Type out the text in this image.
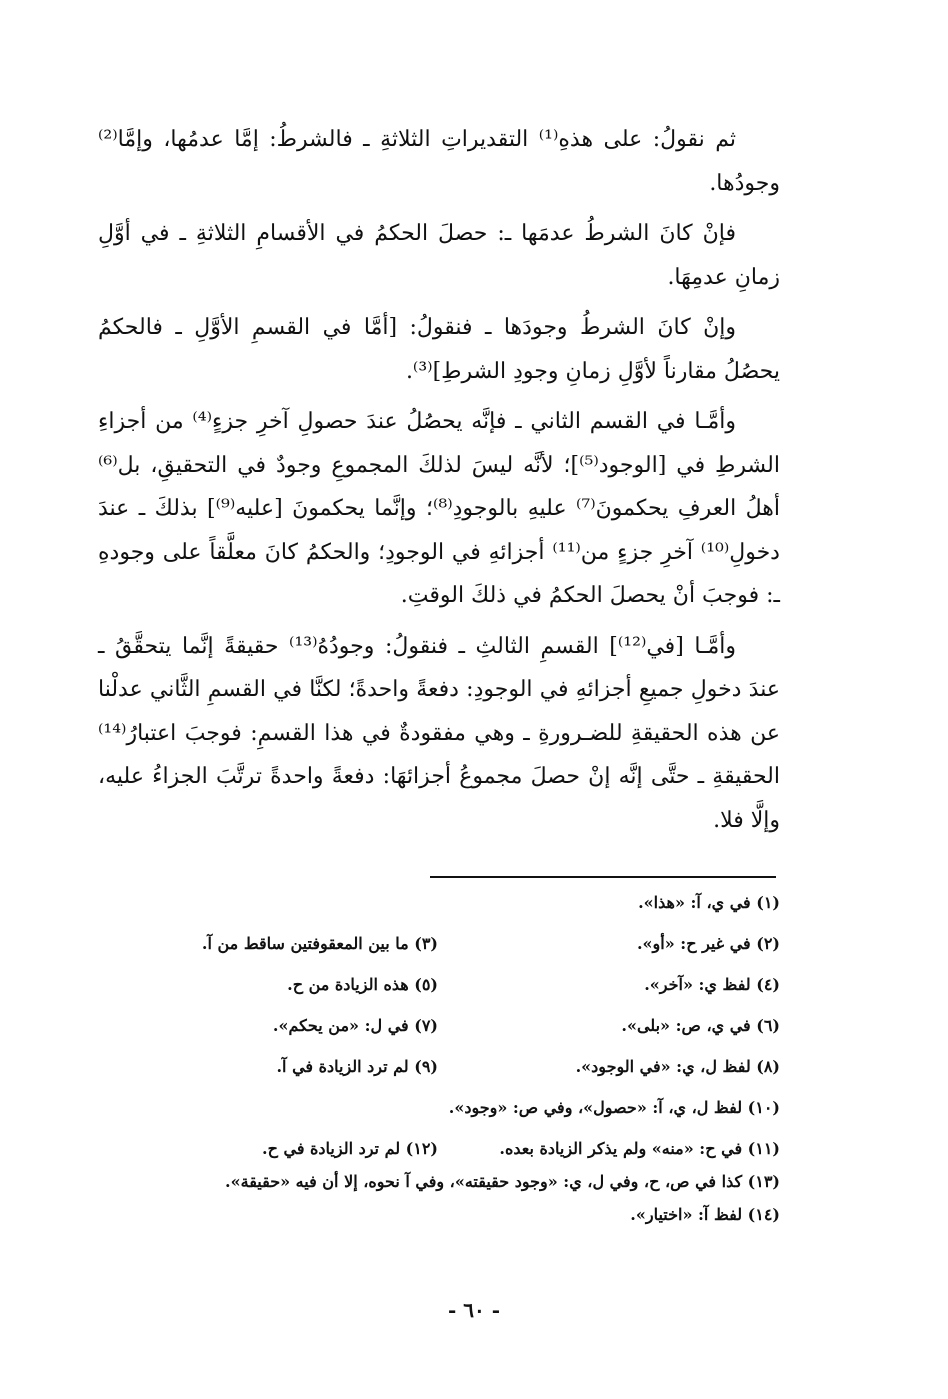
ثم نقولُ: على هذهِ⁽¹⁾ التقديراتِ الثلاثةِ ـ فالشرطُ: إمَّا عدمُها، وإمَّا⁽²⁾ وجودُها.

فإنْ كانَ الشرطُ عدمَها ـ: حصلَ الحكمُ في الأقسامِ الثلاثةِ ـ في أوَّلِ زمانِ عدمِهَا.

وإنْ كانَ الشرطُ وجودَها ـ فنقولُ: [أمَّا في القسمِ الأوَّلِ ـ فالحكمُ يحصُلُ مقارناً لأوَّلِ زمانِ وجودِ الشرطِ]⁽³⁾.

وأمَّـا في القسم الثاني ـ فإنَّه يحصُلُ عندَ حصولِ آخرِ جزءٍ⁽⁴⁾ من أجزاءِ الشرطِ في [الوجود⁽⁵⁾]؛ لأنَّه ليسَ لذلكَ المجموعِ وجودٌ في التحقيقِ، بل⁽⁶⁾ أهلُ العرفِ يحكمونَ⁽⁷⁾ عليهِ بالوجودِ⁽⁸⁾؛ وإنَّما يحكمونَ [عليه⁽⁹⁾] بذلكَ ـ عندَ دخولِ⁽¹⁰⁾ آخرِ جزءٍ من⁽¹¹⁾ أجزائهِ في الوجودِ؛ والحكمُ كانَ معلَّقاً على وجودهِ ـ: فوجبَ أنْ يحصلَ الحكمُ في ذلكَ الوقتِ.

وأمَّـا [في⁽¹²⁾] القسمِ الثالثِ ـ فنقولُ: وجودُهُ⁽¹³⁾ حقيقةً إنَّما يتحقَّقُ ـ عندَ دخولِ جميعِ أجزائهِ في الوجودِ: دفعةً واحدةً؛ لكنَّا في القسمِ الثَّاني عدلْنا عن هذه الحقيقةِ للضـرورةِ ـ وهي مفقودةٌ في هذا القسمِ: فوجبَ اعتبارُ⁽¹⁴⁾ الحقيقةِ ـ حتَّى إنَّه إنْ حصلَ مجموعُ أجزائهَا: دفعةً واحدةً ترتَّبَ الجزاءُ عليه، وإلَّا فلا.

(١) في ي، آ: «هذا».
(٢) في غير ح: «أو».
(٣) ما بين المعقوفتين ساقط من آ.
(٤) لفظ ي: «آخر».
(٥) هذه الزيادة من ح.
(٦) في ي، ص: «بلى».
(٧) في ل: «من يحكم».
(٨) لفظ ل، ي: «في الوجود».
(٩) لم ترد الزيادة في آ.
(١٠) لفظ ل، ي، آ: «حصول»، وفي ص: «وجود».
(١١) في ح: «منه» ولم يذكر الزيادة بعده.
(١٢) لم ترد الزيادة في ح.
(١٣) كذا في ص، ح، وفي ل، ي: «وجود حقيقته»، وفي آ نحوه، إلا أن فيه «حقيقة».
(١٤) لفظ آ: «اختيار».
- ٦٠ -
